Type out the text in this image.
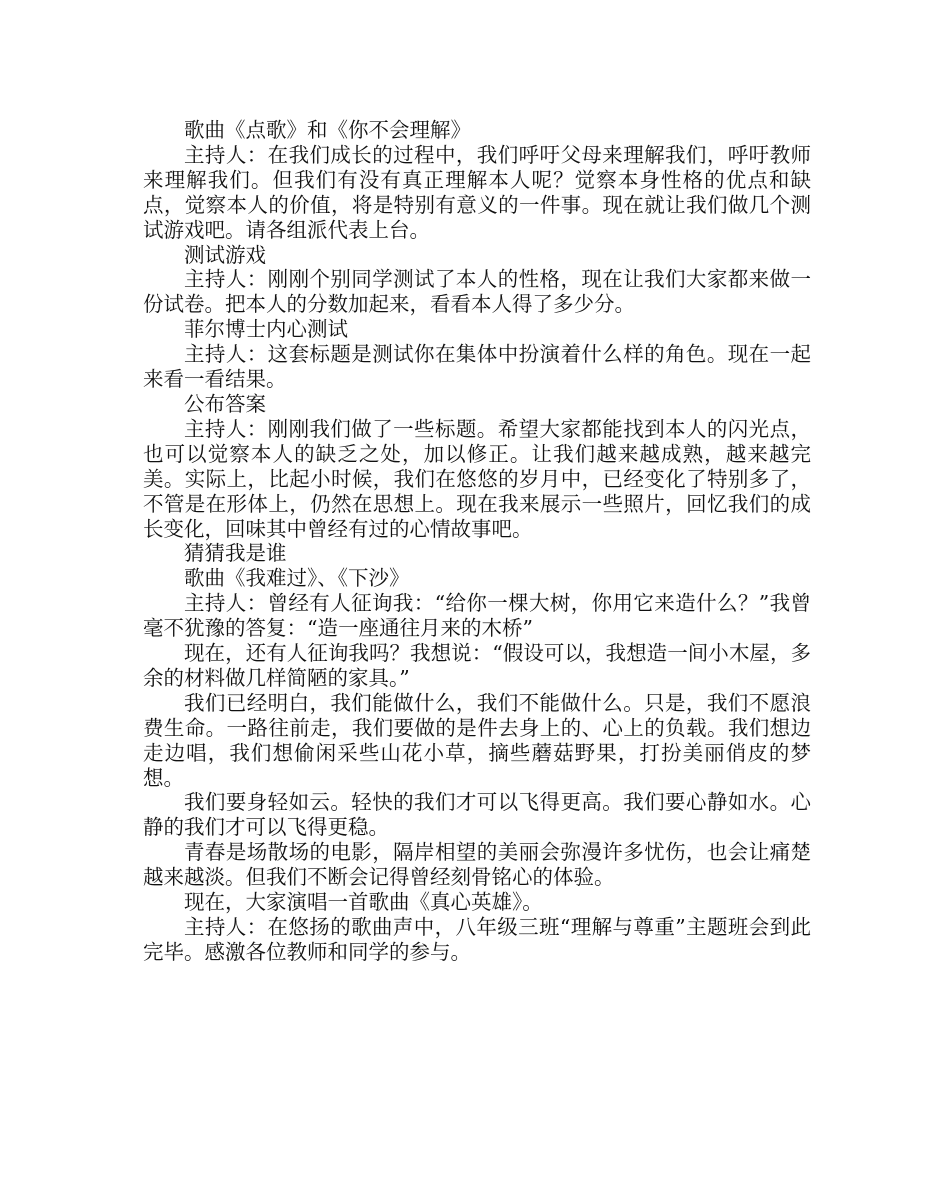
歌曲《点歌》和《你不会理解》

主持人：在我们成长的过程中，我们呼吁父母来理解我们，呼吁教师来理解我们。但我们有没有真正理解本人呢？觉察本身性格的优点和缺点，觉察本人的价值，将是特别有意义的一件事。现在就让我们做几个测试游戏吧。请各组派代表上台。

测试游戏

主持人：刚刚个别同学测试了本人的性格，现在让我们大家都来做一份试卷。把本人的分数加起来，看看本人得了多少分。

菲尔博士内心测试

主持人：这套标题是测试你在集体中扮演着什么样的角色。现在一起来看一看结果。

公布答案

主持人：刚刚我们做了一些标题。希望大家都能找到本人的闪光点，也可以觉察本人的缺乏之处，加以修正。让我们越来越成熟，越来越完美。实际上，比起小时候，我们在悠悠的岁月中，已经变化了特别多了，不管是在形体上，仍然在思想上。现在我来展示一些照片，回忆我们的成长变化，回味其中曾经有过的心情故事吧。

猜猜我是谁

歌曲《我难过》、《下沙》

主持人：曾经有人征询我：“给你一棵大树，你用它来造什么？”我曾毫不犹豫的答复：“造一座通往月来的木桥”

现在，还有人征询我吗？我想说：“假设可以，我想造一间小木屋，多余的材料做几样简陋的家具。”

我们已经明白，我们能做什么，我们不能做什么。只是，我们不愿浪费生命。一路往前走，我们要做的是件去身上的、心上的负载。我们想边走边唱，我们想偷闲采些山花小草，摘些蘑菇野果，打扮美丽俏皮的梦想。

我们要身轻如云。轻快的我们才可以飞得更高。我们要心静如水。心静的我们才可以飞得更稳。

青春是场散场的电影，隔岸相望的美丽会弥漫许多忧伤，也会让痛楚越来越淡。但我们不断会记得曾经刻骨铭心的体验。

现在，大家演唱一首歌曲《真心英雄》。

主持人：在悠扬的歌曲声中，八年级三班“理解与尊重”主题班会到此完毕。感激各位教师和同学的参与。
